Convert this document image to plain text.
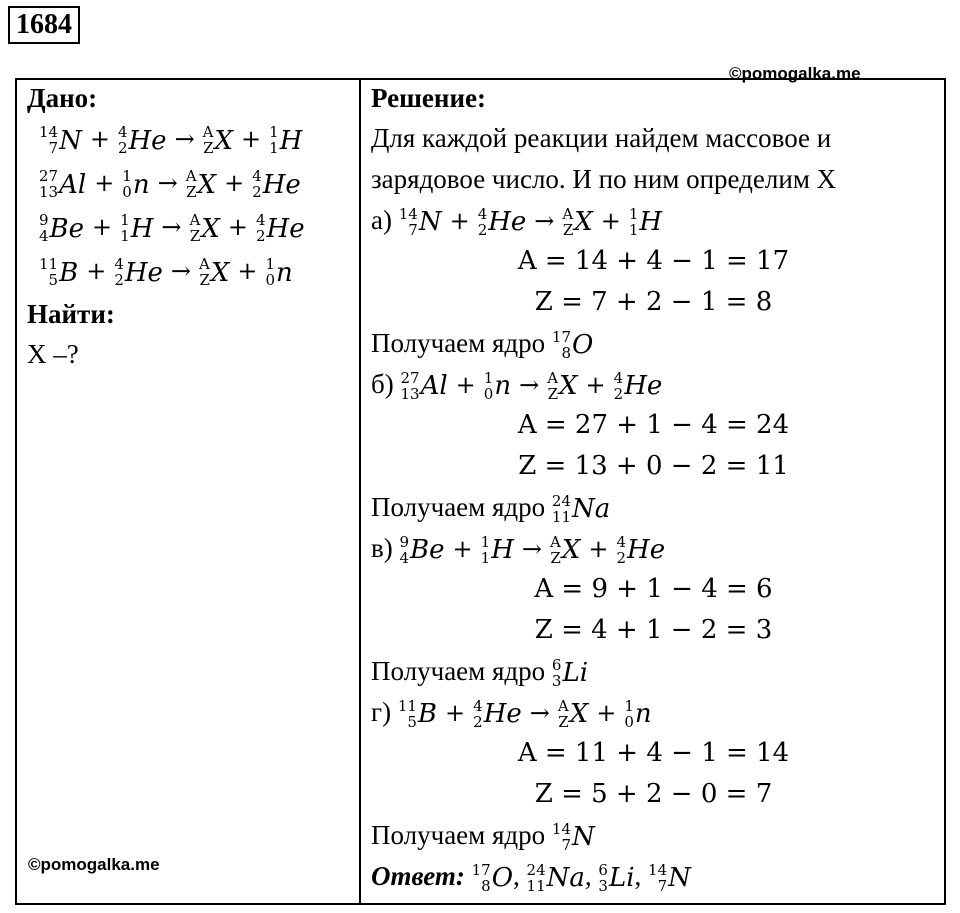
1684
©pomogalka.me
Дано:
14
7 N + 4
2 He → A
Z X + 1
1 H
27
13 Al + 1
0 n → A
Z X + 4
2 He
9
4 Be + 1
1 H → A
Z X + 4
2 He
11
5 B + 4
2 He → A
Z X + 1
0 n
Найти:
X –?
Решение:
Для каждой реакции найдем массовое и
зарядовое число. И по ним определим X
а) 14
7 N + 4
2 He → A
Z X + 1
1 H
A = 14 + 4 − 1 = 17
Z = 7 + 2 − 1 = 8
Получаем ядро 17
8 O
б) 27
13 Al + 1
0 n → A
Z X + 4
2 He
A = 27 + 1 − 4 = 24
Z = 13 + 0 − 2 = 11
Получаем ядро 24
11 Na
в) 9
4 Be + 1
1 H → A
Z X + 4
2 He
A = 9 + 1 − 4 = 6
Z = 4 + 1 − 2 = 3
Получаем ядро 6
3 Li
г) 11
5 B + 4
2 He → A
Z X + 1
0 n
A = 11 + 4 − 1 = 14
Z = 5 + 2 − 0 = 7
Получаем ядро 14
7 N
Ответ: 17
8 O , 24
11 Na , 6
3 Li , 14
7 N
©pomogalka.me
